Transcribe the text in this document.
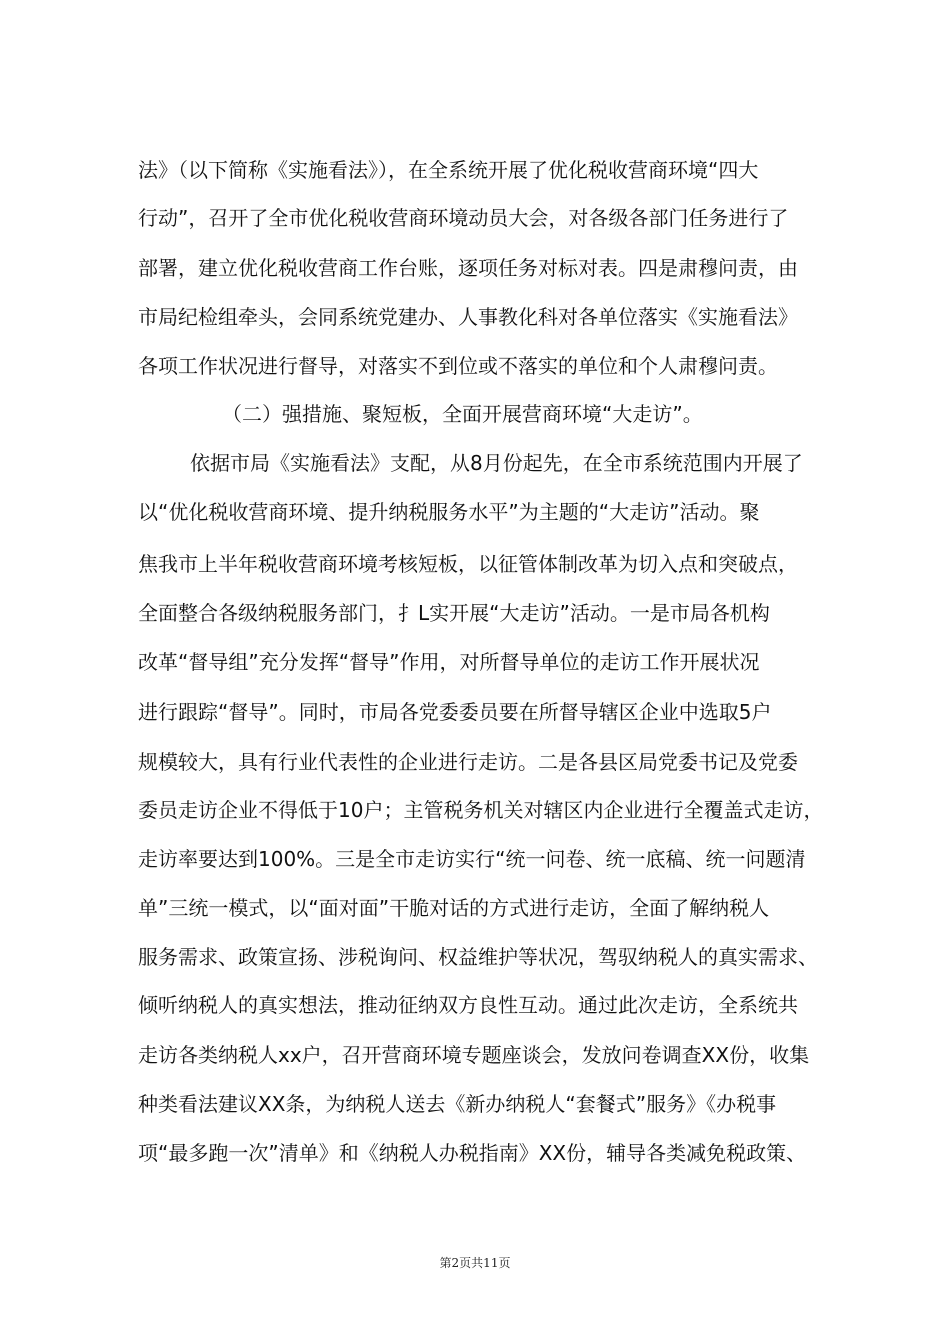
法》（以下简称《实施看法》），在全系统开展了优化税收营商环境“四大
行动”，召开了全市优化税收营商环境动员大会，对各级各部门任务进行了
部署，建立优化税收营商工作台账，逐项任务对标对表。四是肃穆问责，由
市局纪检组牵头，会同系统党建办、人事教化科对各单位落实《实施看法》
各项工作状况进行督导，对落实不到位或不落实的单位和个人肃穆问责。
（二）强措施、聚短板，全面开展营商环境“大走访”。
依据市局《实施看法》支配，从8月份起先，在全市系统范围内开展了
以“优化税收营商环境、提升纳税服务水平”为主题的“大走访”活动。聚
焦我市上半年税收营商环境考核短板，以征管体制改革为切入点和突破点，
全面整合各级纳税服务部门，扌L实开展“大走访”活动。一是市局各机构
改革“督导组”充分发挥“督导”作用，对所督导单位的走访工作开展状况
进行跟踪“督导”。同时，市局各党委委员要在所督导辖区企业中选取5户
规模较大，具有行业代表性的企业进行走访。二是各县区局党委书记及党委
委员走访企业不得低于10户；主管税务机关对辖区内企业进行全覆盖式走访，
走访率要达到100%。三是全市走访实行“统一问卷、统一底稿、统一问题清
单”三统一模式，以“面对面”干脆对话的方式进行走访，全面了解纳税人
服务需求、政策宣扬、涉税询问、权益维护等状况，驾驭纳税人的真实需求、
倾听纳税人的真实想法，推动征纳双方良性互动。通过此次走访，全系统共
走访各类纳税人xx户，召开营商环境专题座谈会，发放问卷调查XX份，收集
种类看法建议XX条，为纳税人送去《新办纳税人“套餐式”服务》《办税事
项“最多跑一次”清单》和《纳税人办税指南》XX份，辅导各类减免税政策、
第2页共11页
